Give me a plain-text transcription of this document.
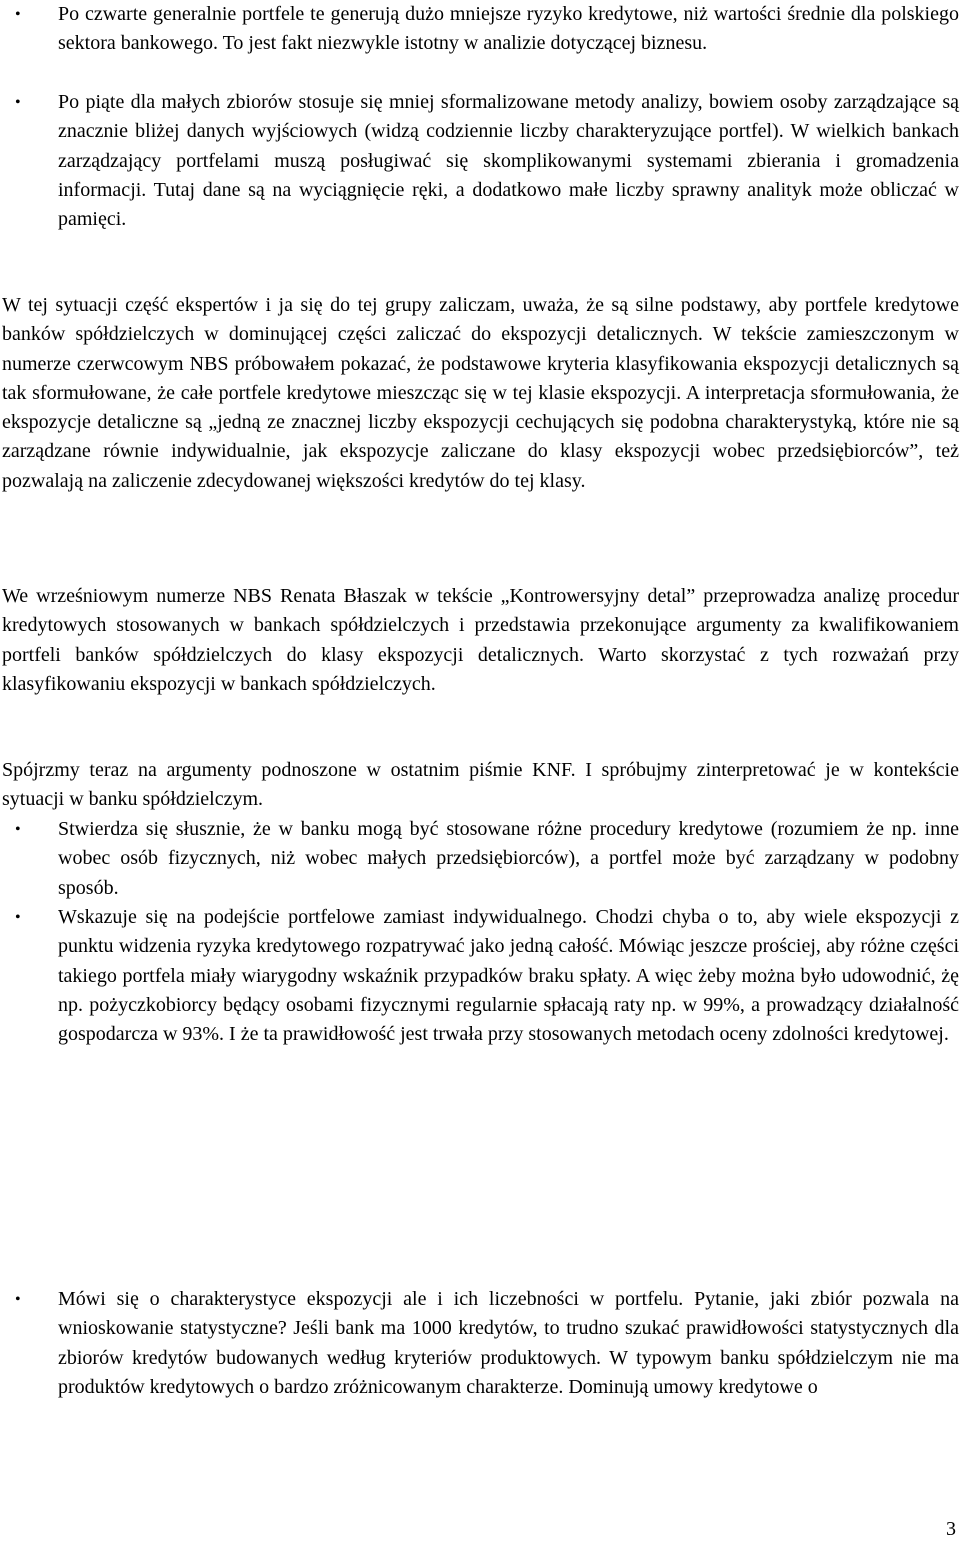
• Po czwarte generalnie portfele te generują dużo mniejsze ryzyko kredytowe, niż wartości średnie dla polskiego sektora bankowego. To jest fakt niezwykle istotny w analizie dotyczącej biznesu.

• Po piąte dla małych zbiorów stosuje się mniej sformalizowane metody analizy, bowiem osoby zarządzające są znacznie bliżej danych wyjściowych (widzą codziennie liczby charakteryzujące portfel). W wielkich bankach zarządzający portfelami muszą posługiwać się skomplikowanymi systemami zbierania i gromadzenia informacji. Tutaj dane są na wyciągnięcie ręki, a dodatkowo małe liczby sprawny analityk może obliczać w pamięci.

W tej sytuacji część ekspertów i ja się do tej grupy zaliczam, uważa, że są silne podstawy, aby portfele kredytowe banków spółdzielczych w dominującej części zaliczać do ekspozycji detalicznych. W tekście zamieszczonym w numerze czerwcowym NBS próbowałem pokazać, że podstawowe kryteria klasyfikowania ekspozycji detalicznych są tak sformułowane, że całe portfele kredytowe mieszcząc się w tej klasie ekspozycji. A interpretacja sformułowania, że ekspozycje detaliczne są „jedną ze znacznej liczby ekspozycji cechujących się podobna charakterystyką, które nie są zarządzane równie indywidualnie, jak ekspozycje zaliczane do klasy ekspozycji wobec przedsiębiorców”, też pozwalają na zaliczenie zdecydowanej większości kredytów do tej klasy.

We wrześniowym numerze NBS Renata Błaszak w tekście „Kontrowersyjny detal” przeprowadza analizę procedur kredytowych stosowanych w bankach spółdzielczych i przedstawia przekonujące argumenty za kwalifikowaniem portfeli banków spółdzielczych do klasy ekspozycji detalicznych. Warto skorzystać z tych rozważań przy klasyfikowaniu ekspozycji w bankach spółdzielczych.

Spójrzmy teraz na argumenty podnoszone w ostatnim piśmie KNF. I spróbujmy zinterpretować je w kontekście sytuacji w banku spółdzielczym.

• Stwierdza się słusznie, że w banku mogą być stosowane różne procedury kredytowe (rozumiem że np. inne wobec osób fizycznych, niż wobec małych przedsiębiorców), a portfel może być zarządzany w podobny sposób.

• Wskazuje się na podejście portfelowe zamiast indywidualnego. Chodzi chyba o to, aby wiele ekspozycji z punktu widzenia ryzyka kredytowego rozpatrywać jako jedną całość. Mówiąc jeszcze prościej, aby różne części takiego portfela miały wiarygodny wskaźnik przypadków braku spłaty. A więc żeby można było udowodnić, żę np. pożyczkobiorcy będący osobami fizycznymi regularnie spłacają raty np. w 99%, a prowadzący działalność gospodarcza w 93%. I że ta prawidłowość jest trwała przy stosowanych metodach oceny zdolności kredytowej.

• Mówi się o charakterystyce ekspozycji ale i ich liczebności w portfelu. Pytanie, jaki zbiór pozwala na wnioskowanie statystyczne? Jeśli bank ma 1000 kredytów, to trudno szukać prawidłowości statystycznych dla zbiorów kredytów budowanych według kryteriów produktowych. W typowym banku spółdzielczym nie ma produktów kredytowych o bardzo zróżnicowanym charakterze. Dominują umowy kredytowe o

3
